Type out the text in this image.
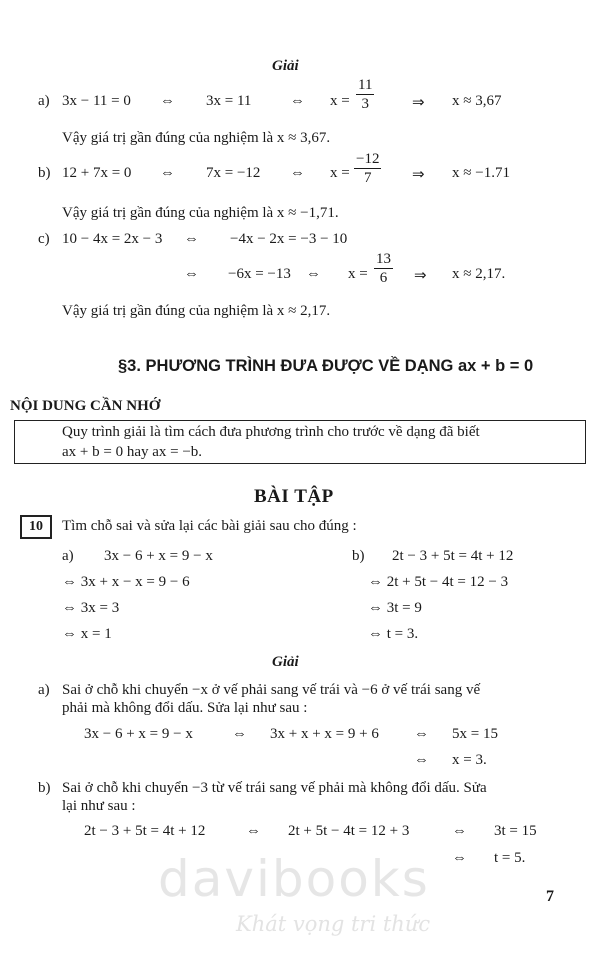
davibooks
Khát vọng tri thức
Giải
a) 3x − 11 = 0 ⇔ 3x = 11	⇔ $x = \frac{11}{3}$	⇒ x ≈ 3,67
Vậy giá trị gần đúng của nghiệm là x ≈ 3,67.
b) 12 + 7x = 0 ⇔ 7x = −12 ⇔ $x = \frac{-12}{7}$ ⇒ x ≈ −1.71
Vậy giá trị gần đúng của nghiệm là x ≈ −1,71.
c) 10 − 4x = 2x − 3 ⇔ −4x − 2x = −3 − 10
⇔ −6x = −13 ⇔ $x = \frac{13}{6}$ ⇒ x ≈ 2,17.
Vậy giá trị gần đúng của nghiệm là x ≈ 2,17.
§3. PHƯƠNG TRÌNH ĐƯA ĐƯỢC VỀ DẠNG ax + b = 0
NỘI DUNG CẦN NHỚ
Quy trình giải là tìm cách đưa phương trình cho trước về dạng đã biết
ax + b = 0 hay ax = −b.
BÀI TẬP
10	Tìm chỗ sai và sửa lại các bài giải sau cho đúng :
a) 3x − 6 + x = 9 − x
⇔ 3x + x − x = 9 − 6
⇔ 3x = 3
⇔ x = 1
b) 2t − 3 + 5t = 4t + 12
⇔ 2t + 5t − 4t = 12 − 3
⇔ 3t = 9
⇔ t = 3.
Giải
a) Sai ở chỗ khi chuyển −x ở vế phải sang vế trái và −6 ở vế trái sang vế
phải mà không đổi dấu. Sửa lại như sau :
3x − 6 + x = 9 − x	⇔ 3x + x + x = 9 + 6 ⇔ 5x = 15
⇔ x = 3.
b) Sai ở chỗ khi chuyển −3 từ vế trái sang vế phải mà không đổi dấu. Sửa
lại như sau :
2t − 3 + 5t = 4t + 12	⇔ 2t + 5t − 4t = 12 + 3	⇔ 3t = 15
⇔ t = 5.
7
